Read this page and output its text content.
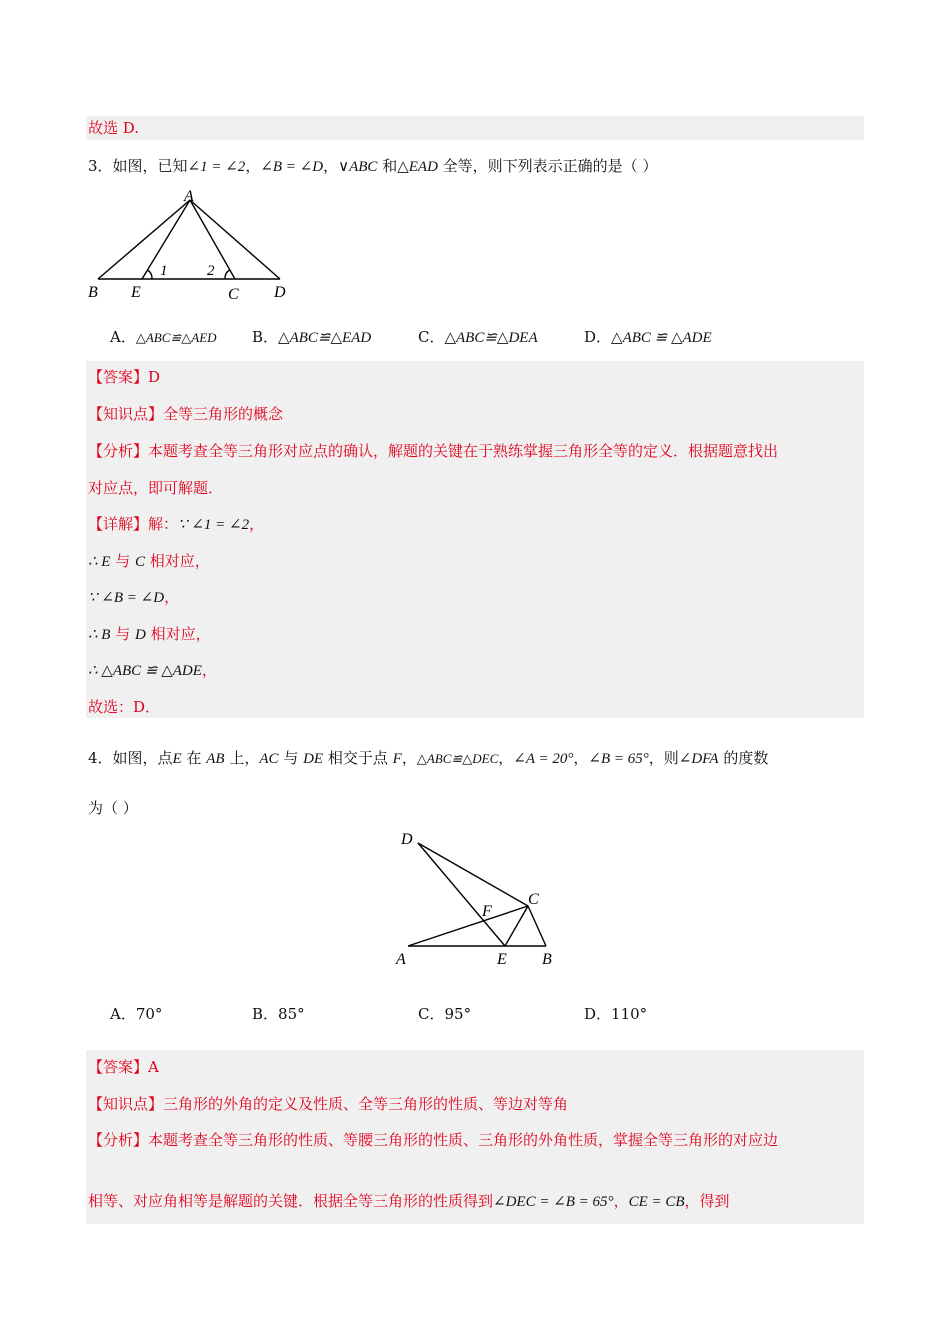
故选 D.
3．如图，已知∠1 = ∠2，∠B = ∠D，∨ABC 和△EAD 全等，则下列表示正确的是（ ）
A
1	2
B E	C D
A．△ABC≌△AED B．△ABC≌△EAD	C．△ABC≌△DEA	D．△ABC ≌ △ADE
【答案】D
【知识点】全等三角形的概念
【分析】本题考查全等三角形对应点的确认，解题的关键在于熟练掌握三角形全等的定义．根据题意找出
对应点，即可解题．
【详解】解：∵ ∠1 = ∠2，
∴ E 与 C 相对应，
∵ ∠B = ∠D，
∴ B 与 D 相对应，
∴ △ABC ≌ △ADE，
故选：D．
4．如图，点E 在 AB 上，AC 与 DE 相交于点 F，△ABC≌△DEC，∠A = 20°，∠B = 65°，则∠DFA 的度数
为（ ）
D
C
F
A	E B
A．70°	B．85°	C．95°	D．110°
【答案】A
【知识点】三角形的外角的定义及性质、全等三角形的性质、等边对等角
【分析】本题考查全等三角形的性质、等腰三角形的性质、三角形的外角性质，掌握全等三角形的对应边
相等、对应角相等是解题的关键．根据全等三角形的性质得到∠DEC = ∠B = 65°，CE = CB，得到
